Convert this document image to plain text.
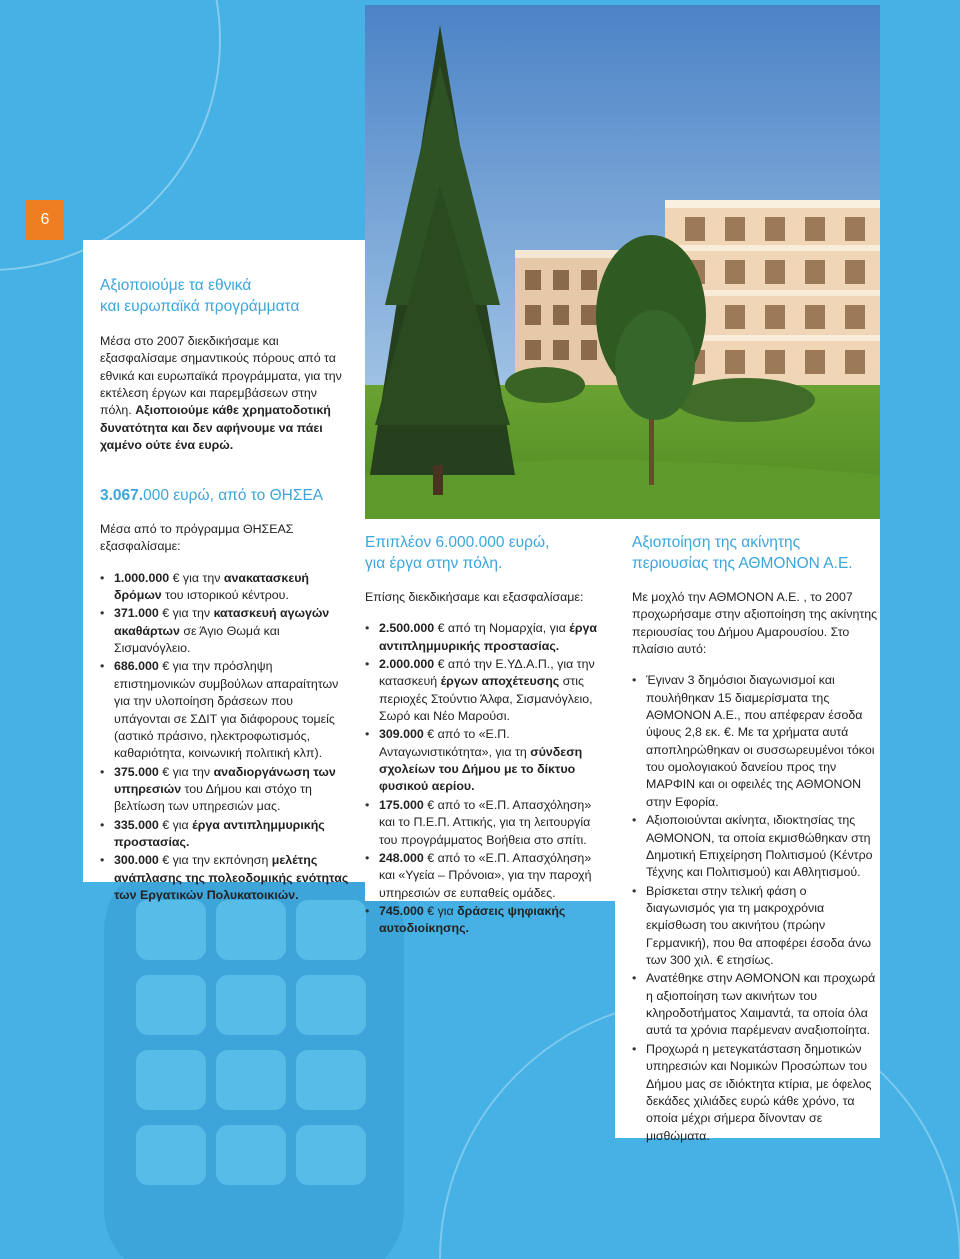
6
Αξιοποιούμε τα εθνικά
και ευρωπαϊκά προγράμματα

Μέσα στο 2007 διεκδικήσαμε και εξασφαλίσαμε σημαντικούς πόρους από τα εθνικά και ευρωπαϊκά προγράμματα, για την εκτέλεση έργων και παρεμβάσεων στην πόλη. Αξιοποιούμε κάθε χρηματοδοτική δυνατότητα και δεν αφήνουμε να πάει χαμένο ούτε ένα ευρώ.

3.067.000 ευρώ, από το ΘΗΣΕΑ

Μέσα από το πρόγραμμα ΘΗΣΕΑΣ εξασφαλίσαμε:

• 1.000.000 € για την ανακατασκευή δρόμων του ιστορικού κέντρου.
• 371.000 € για την κατασκευή αγωγών ακαθάρτων σε Άγιο Θωμά και Σισμανόγλειο.
• 686.000 € για την πρόσληψη επιστημονικών συμβούλων απαραίτητων για την υλοποίηση δράσεων που υπάγονται σε ΣΔΙΤ για διάφορους τομείς (αστικό πράσινο, ηλεκτροφωτισμός, καθαριότητα, κοινωνική πολιτική κλπ).
• 375.000 € για την αναδιοργάνωση των υπηρεσιών του Δήμου και στόχο τη βελτίωση των υπηρεσιών μας.
• 335.000 € για έργα αντιπλημμυρικής προστασίας.
• 300.000 € για την εκπόνηση μελέτης ανάπλασης της πολεοδομικής ενότητας των Εργατικών Πολυκατοικιών.
Επιπλέον 6.000.000 ευρώ,
για έργα στην πόλη.

Επίσης διεκδικήσαμε και εξασφαλίσαμε:

• 2.500.000 € από τη Νομαρχία, για έργα αντιπλημμυρικής προστασίας.
• 2.000.000 € από την Ε.ΥΔ.Α.Π., για την κατασκευή έργων αποχέτευσης στις περιοχές Στούντιο Άλφα, Σισμανόγλειο, Σωρό και Νέο Μαρούσι.
• 309.000 € από το «Ε.Π. Ανταγωνιστικότητα», για τη σύνδεση σχολείων του Δήμου με το δίκτυο φυσικού αερίου.
• 175.000 € από το «Ε.Π. Απασχόληση» και το Π.Ε.Π. Αττικής, για τη λειτουργία του προγράμματος Βοήθεια στο σπίτι.
• 248.000 € από το «Ε.Π. Απασχόληση» και «Υγεία – Πρόνοια», για την παροχή υπηρεσιών σε ευπαθείς ομάδες.
• 745.000 € για δράσεις ψηφιακής αυτοδιοίκησης.
Αξιοποίηση της ακίνητης
περιουσίας της ΑΘΜΟΝΟΝ Α.Ε.

Με μοχλό την ΑΘΜΟΝΟΝ Α.Ε. , το 2007 προχωρήσαμε στην αξιοποίηση της ακίνητης περιουσίας του Δήμου Αμαρουσίου. Στο πλαίσιο αυτό:

• Έγιναν 3 δημόσιοι διαγωνισμοί και πουλήθηκαν 15 διαμερίσματα της ΑΘΜΟΝΟΝ Α.Ε., που απέφεραν έσοδα ύψους 2,8 εκ. €. Με τα χρήματα αυτά αποπληρώθηκαν οι συσσωρευμένοι τόκοι του ομολογιακού δανείου προς την ΜΑΡΦΙΝ και οι οφειλές της ΑΘΜΟΝΟΝ στην Εφορία.
• Αξιοποιούνται ακίνητα, ιδιοκτησίας της ΑΘΜΟΝΟΝ, τα οποία εκμισθώθηκαν στη Δημοτική Επιχείρηση Πολιτισμού (Κέντρο Τέχνης και Πολιτισμού) και Αθλητισμού.
• Βρίσκεται στην τελική φάση ο διαγωνισμός για τη μακροχρόνια εκμίσθωση του ακινήτου (πρώην Γερμανική), που θα αποφέρει έσοδα άνω των 300 χιλ. € ετησίως.
• Ανατέθηκε στην ΑΘΜΟΝΟΝ και προχωρά η αξιοποίηση των ακινήτων του κληροδοτήματος Χαιμαντά, τα οποία όλα αυτά τα χρόνια παρέμεναν αναξιοποίητα.
• Προχωρά η μετεγκατάσταση δημοτικών υπηρεσιών και Νομικών Προσώπων του Δήμου μας σε ιδιόκτητα κτίρια, με όφελος δεκάδες χιλιάδες ευρώ κάθε χρόνο, τα οποία μέχρι σήμερα δίνονταν σε μισθώματα.
